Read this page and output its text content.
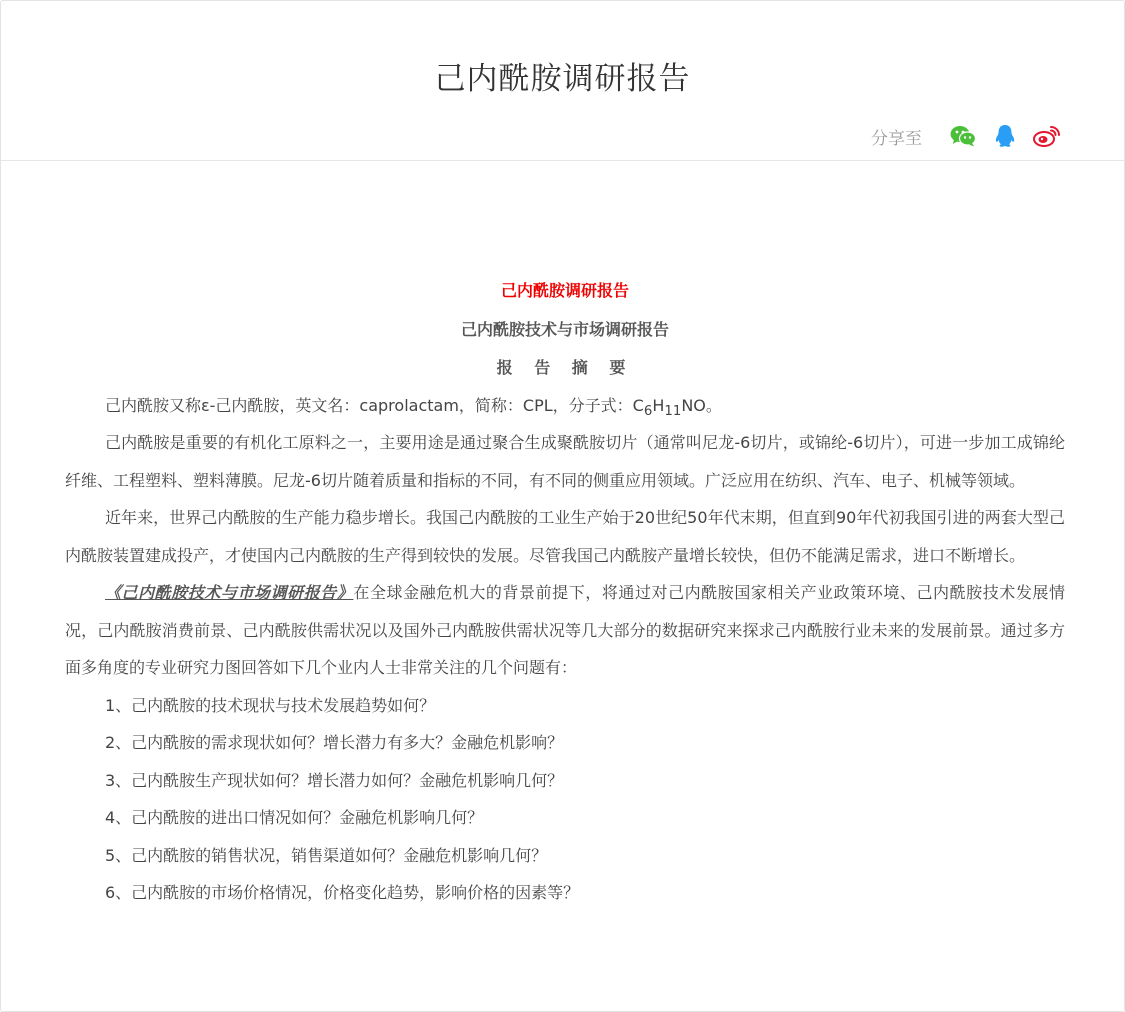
己内酰胺调研报告
分享至
己内酰胺调研报告
己内酰胺技术与市场调研报告
报 告 摘 要

己内酰胺又称ε-己内酰胺，英文名：caprolactam，简称：CPL，分子式：$C_6H_{11}NO$。

己内酰胺是重要的有机化工原料之一，主要用途是通过聚合生成聚酰胺切片（通常叫尼龙-6切片，或锦纶-6切片），可进一步加工成锦纶纤维、工程塑料、塑料薄膜。尼龙-6切片随着质量和指标的不同，有不同的侧重应用领域。广泛应用在纺织、汽车、电子、机械等领域。

近年来，世界己内酰胺的生产能力稳步增长。我国己内酰胺的工业生产始于20世纪50年代末期，但直到90年代初我国引进的两套大型己内酰胺装置建成投产，才使国内己内酰胺的生产得到较快的发展。尽管我国己内酰胺产量增长较快，但仍不能满足需求，进口不断增长。

《己内酰胺技术与市场调研报告》在全球金融危机大的背景前提下，将通过对己内酰胺国家相关产业政策环境、己内酰胺技术发展情况，己内酰胺消费前景、己内酰胺供需状况以及国外己内酰胺供需状况等几大部分的数据研究来探求己内酰胺行业未来的发展前景。通过多方面多角度的专业研究力图回答如下几个业内人士非常关注的几个问题有：

1、己内酰胺的技术现状与技术发展趋势如何？
2、己内酰胺的需求现状如何？增长潜力有多大？金融危机影响？
3、己内酰胺生产现状如何？增长潜力如何？金融危机影响几何？
4、己内酰胺的进出口情况如何？金融危机影响几何？
5、己内酰胺的销售状况，销售渠道如何？金融危机影响几何？
6、己内酰胺的市场价格情况，价格变化趋势，影响价格的因素等？
